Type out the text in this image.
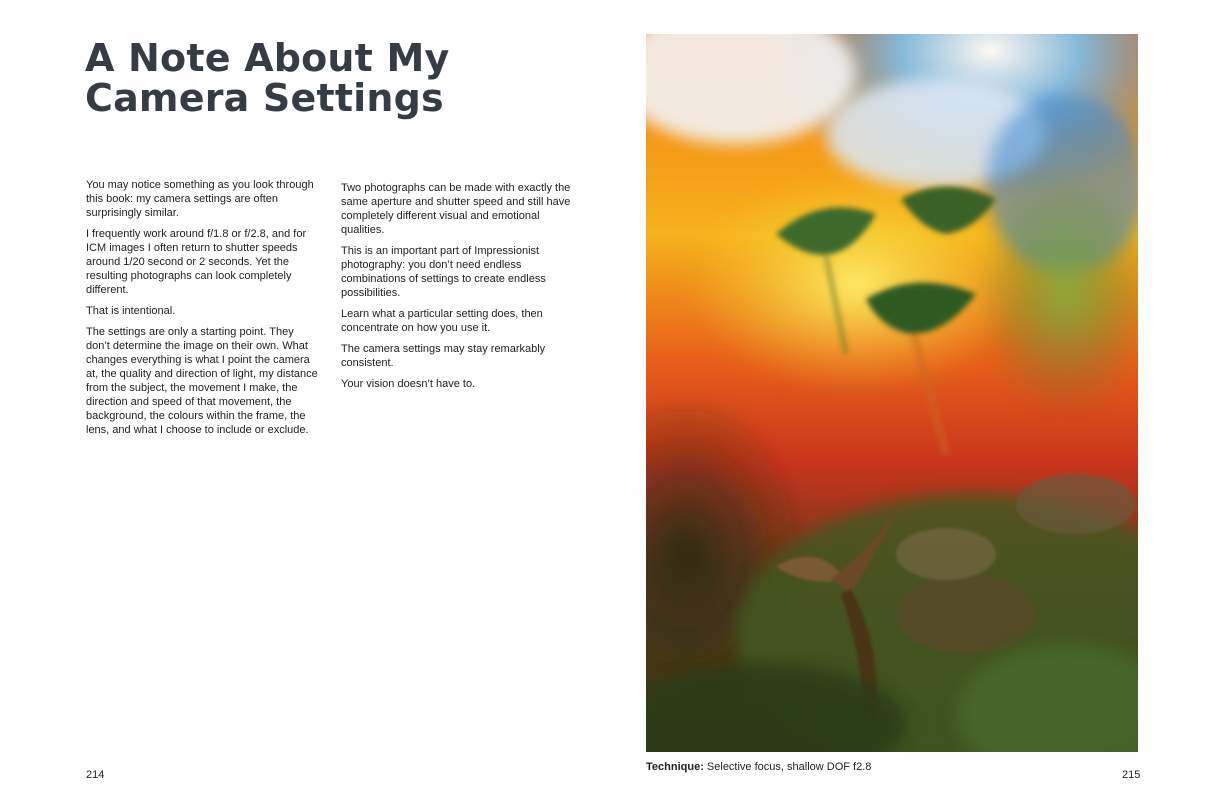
A Note About My
Camera Settings

You may notice something as you look through this book: my camera settings are often surprisingly similar.

I frequently work around f/1.8 or f/2.8, and for ICM images I often return to shutter speeds around 1/20 second or 2 seconds. Yet the resulting photographs can look completely different.

That is intentional.

The settings are only a starting point. They don’t determine the image on their own. What changes everything is what I point the camera at, the quality and direction of light, my distance from the subject, the movement I make, the direction and speed of that movement, the background, the colours within the frame, the lens, and what I choose to include or exclude.

Two photographs can be made with exactly the same aperture and shutter speed and still have completely different visual and emotional qualities.

This is an important part of Impressionist photography: you don’t need endless combinations of settings to create endless possibilities.

Learn what a particular setting does, then concentrate on how you use it.

The camera settings may stay remarkably consistent.

Your vision doesn’t have to.

Technique: Selective focus, shallow DOF f2.8
214	215
